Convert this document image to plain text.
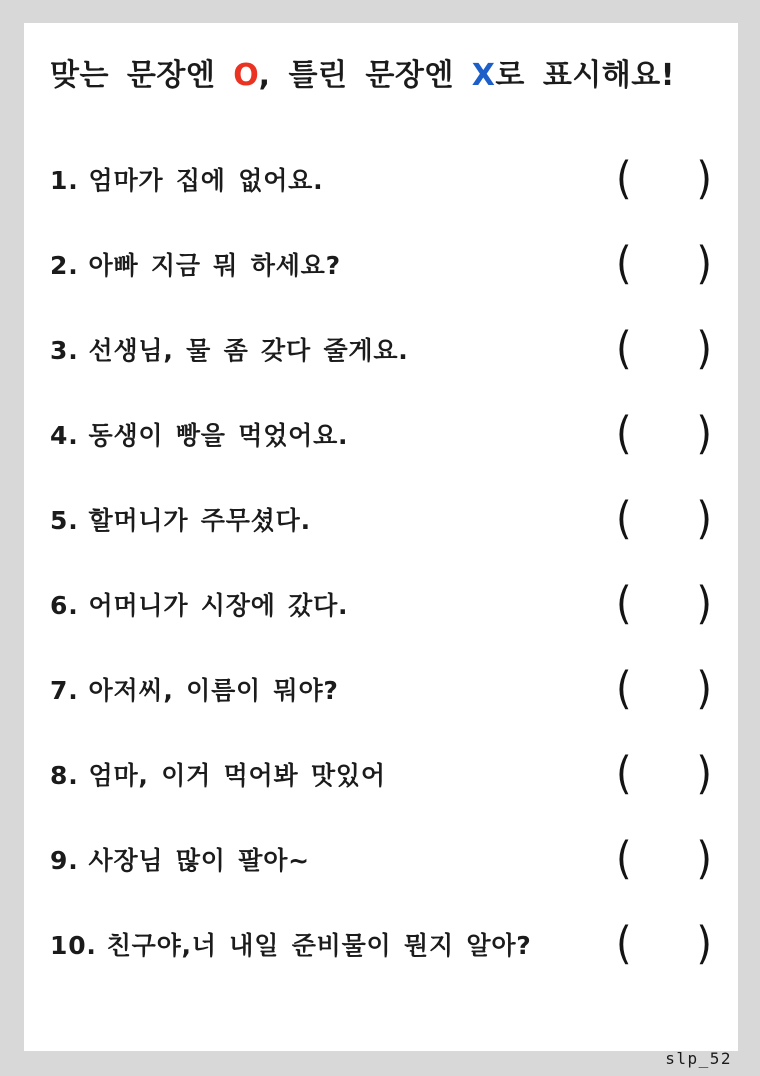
맞는 문장엔 O, 틀린 문장엔 X로 표시해요!
1. 엄마가 집에 없어요.	( )
2. 아빠 지금 뭐 하세요?	( )
3. 선생님, 물 좀 갖다 줄게요.	( )
4. 동생이 빵을 먹었어요.	( )
5. 할머니가 주무셨다.	( )
6. 어머니가 시장에 갔다.	( )
7. 아저씨, 이름이 뭐야?	( )
8. 엄마, 이거 먹어봐 맛있어	( )
9. 사장님 많이 팔아~	( )
10. 친구야,너 내일 준비물이 뭔지 알아?	( )
slp_52
